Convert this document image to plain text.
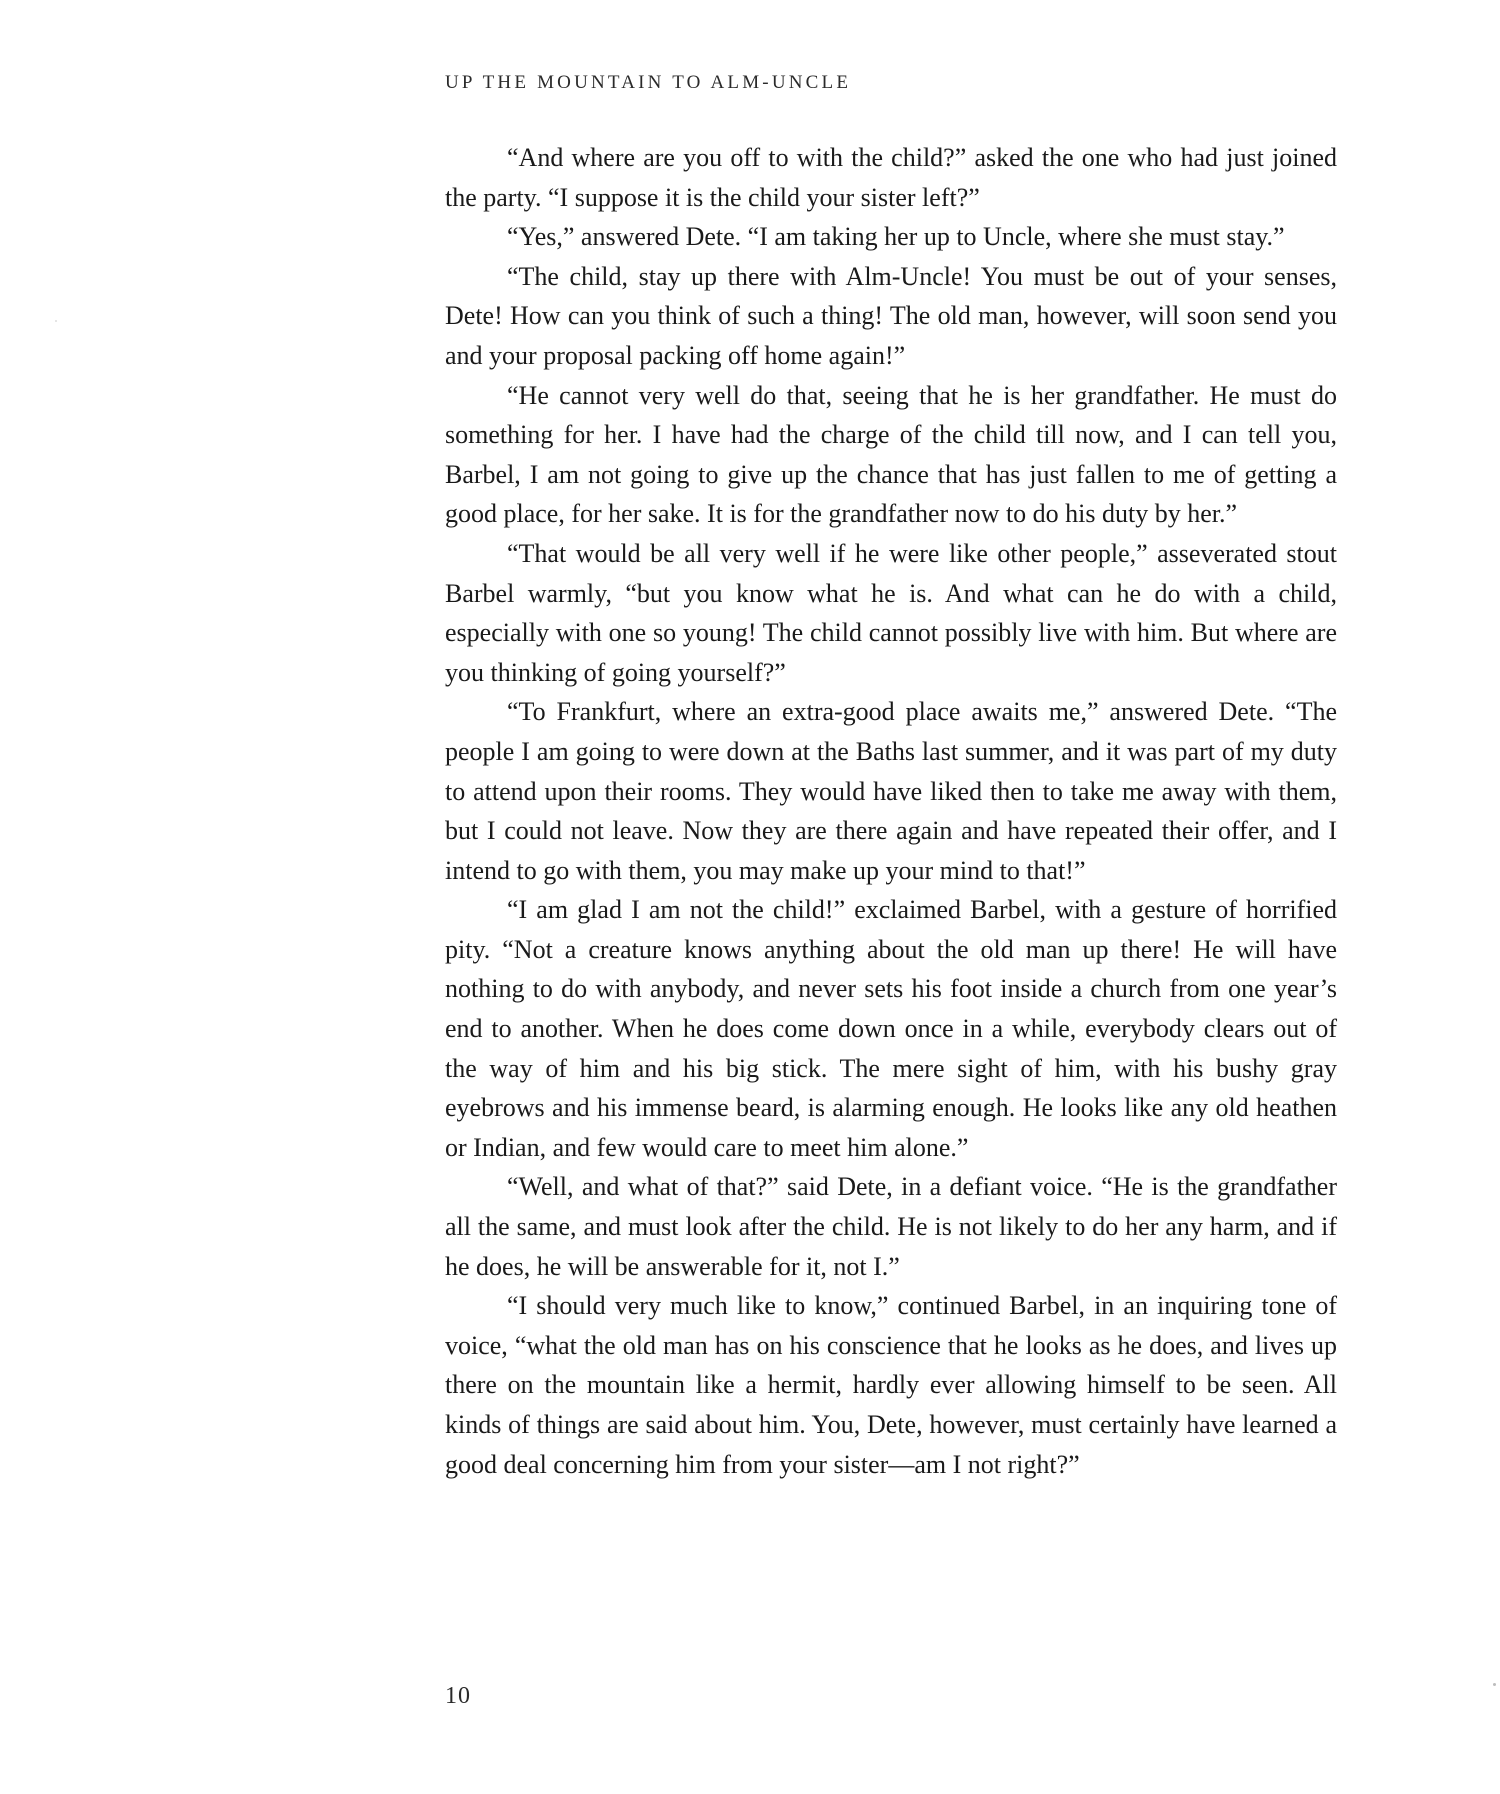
UP THE MOUNTAIN TO ALM-UNCLE

“And where are you off to with the child?” asked the one who had just joined the party. “I suppose it is the child your sister left?”

“Yes,” answered Dete. “I am taking her up to Uncle, where she must stay.”

“The child, stay up there with Alm-Uncle! You must be out of your senses, Dete! How can you think of such a thing! The old man, however, will soon send you and your proposal packing off home again!”

“He cannot very well do that, seeing that he is her grandfather. He must do something for her. I have had the charge of the child till now, and I can tell you, Barbel, I am not going to give up the chance that has just fallen to me of getting a good place, for her sake. It is for the grandfather now to do his duty by her.”

“That would be all very well if he were like other people,” asseverated stout Barbel warmly, “but you know what he is. And what can he do with a child, especially with one so young! The child cannot possibly live with him. But where are you thinking of going yourself?”

“To Frankfurt, where an extra-good place awaits me,” answered Dete. “The people I am going to were down at the Baths last summer, and it was part of my duty to attend upon their rooms. They would have liked then to take me away with them, but I could not leave. Now they are there again and have repeated their offer, and I intend to go with them, you may make up your mind to that!”

“I am glad I am not the child!” exclaimed Barbel, with a gesture of horrified pity. “Not a creature knows anything about the old man up there! He will have nothing to do with anybody, and never sets his foot inside a church from one year’s end to another. When he does come down once in a while, everybody clears out of the way of him and his big stick. The mere sight of him, with his bushy gray eyebrows and his immense beard, is alarming enough. He looks like any old heathen or Indian, and few would care to meet him alone.”

“Well, and what of that?” said Dete, in a defiant voice. “He is the grandfather all the same, and must look after the child. He is not likely to do her any harm, and if he does, he will be answerable for it, not I.”

“I should very much like to know,” continued Barbel, in an inquiring tone of voice, “what the old man has on his conscience that he looks as he does, and lives up there on the mountain like a hermit, hardly ever allowing himself to be seen. All kinds of things are said about him. You, Dete, however, must certainly have learned a good deal concerning him from your sister—am I not right?”

10
